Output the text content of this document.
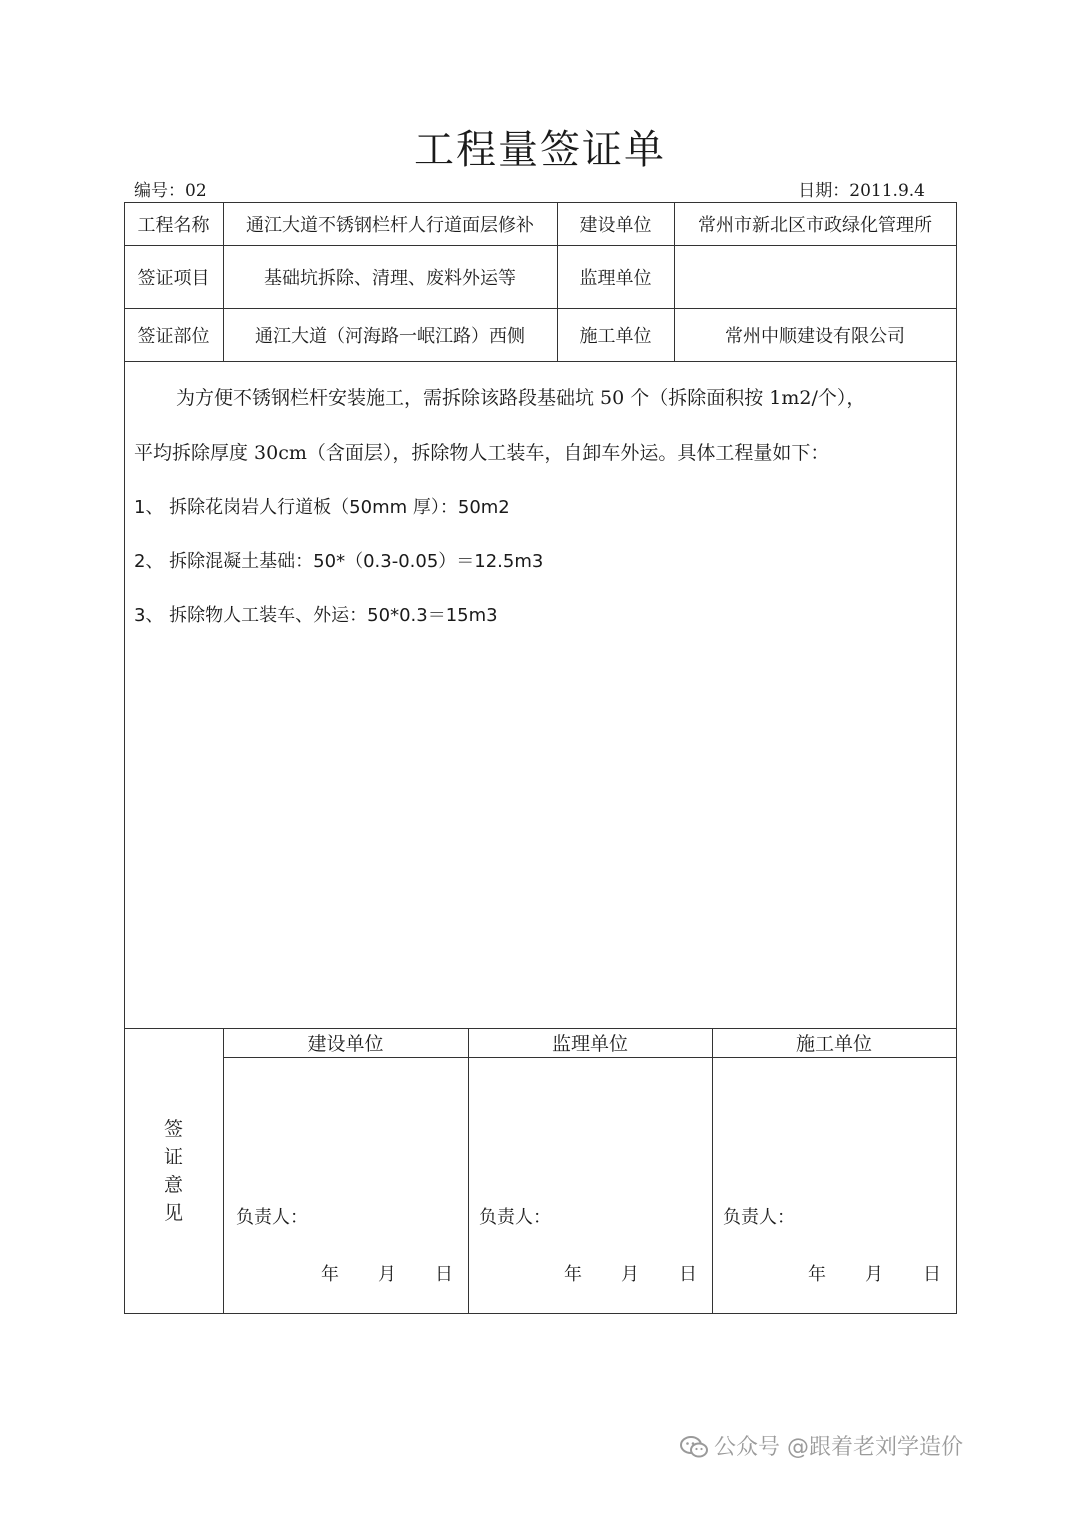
工程量签证单
编号：02	日期：2011.9.4
工程名称	通江大道不锈钢栏杆人行道面层修补	建设单位	常州市新北区市政绿化管理所
签证项目	基础坑拆除、清理、废料外运等	监理单位
签证部位	通江大道（河海路一岷江路）西侧	施工单位	常州中顺建设有限公司
为方便不锈钢栏杆安装施工，需拆除该路段基础坑 50 个（拆除面积按 1m2/个），
平均拆除厚度 30cm（含面层），拆除物人工装车，自卸车外运。具体工程量如下：
1、 拆除花岗岩人行道板（50mm 厚）：50m2
2、 拆除混凝土基础：50*（0.3-0.05）＝12.5m3
3、 拆除物人工装车、外运：50*0.3＝15m3
签
证
意
见
建设单位	监理单位	施工单位
负责人：	负责人：	负责人：
年 月 日	年 月 日	年 月 日
公众号 @跟着老刘学造价
